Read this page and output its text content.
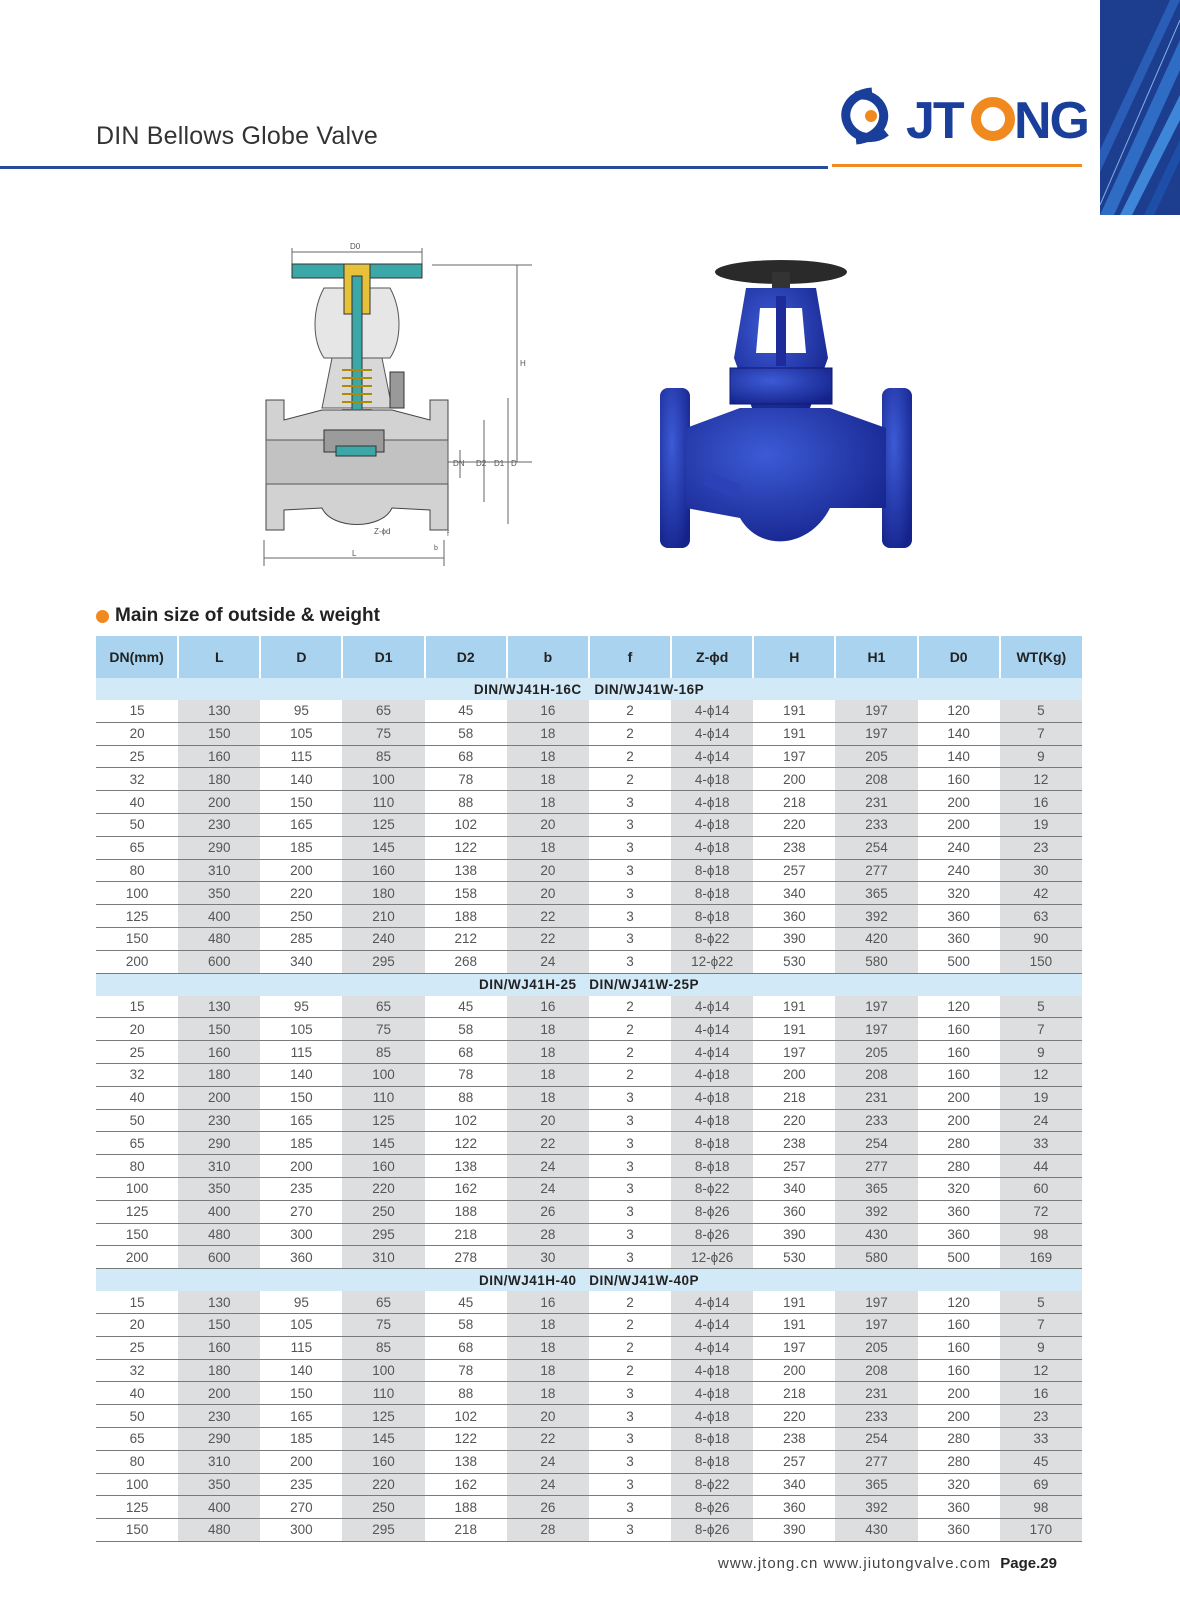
DIN Bellows Globe Valve	JT NG
D0
H
DN D2 D1 D
Z-ϕd
b
f
L
Main size of outside & weight
DN(mm)	L	D	D1	D2	b	f	Z-ϕd	H	H1	D0	WT(Kg)
DIN/WJ41H-16C   DIN/WJ41W-16P											
15	130	95	65	45	16	2	4-ϕ14	191	197	120	5
20	150	105	75	58	18	2	4-ϕ14	191	197	140	7
25	160	115	85	68	18	2	4-ϕ14	197	205	140	9
32	180	140	100	78	18	2	4-ϕ18	200	208	160	12
40	200	150	110	88	18	3	4-ϕ18	218	231	200	16
50	230	165	125	102	20	3	4-ϕ18	220	233	200	19
65	290	185	145	122	18	3	4-ϕ18	238	254	240	23
80	310	200	160	138	20	3	8-ϕ18	257	277	240	30
100	350	220	180	158	20	3	8-ϕ18	340	365	320	42
125	400	250	210	188	22	3	8-ϕ18	360	392	360	63
150	480	285	240	212	22	3	8-ϕ22	390	420	360	90
200	600	340	295	268	24	3	12-ϕ22	530	580	500	150
DIN/WJ41H-25   DIN/WJ41W-25P											
15	130	95	65	45	16	2	4-ϕ14	191	197	120	5
20	150	105	75	58	18	2	4-ϕ14	191	197	160	7
25	160	115	85	68	18	2	4-ϕ14	197	205	160	9
32	180	140	100	78	18	2	4-ϕ18	200	208	160	12
40	200	150	110	88	18	3	4-ϕ18	218	231	200	19
50	230	165	125	102	20	3	4-ϕ18	220	233	200	24
65	290	185	145	122	22	3	8-ϕ18	238	254	280	33
80	310	200	160	138	24	3	8-ϕ18	257	277	280	44
100	350	235	220	162	24	3	8-ϕ22	340	365	320	60
125	400	270	250	188	26	3	8-ϕ26	360	392	360	72
150	480	300	295	218	28	3	8-ϕ26	390	430	360	98
200	600	360	310	278	30	3	12-ϕ26	530	580	500	169
DIN/WJ41H-40   DIN/WJ41W-40P											
15	130	95	65	45	16	2	4-ϕ14	191	197	120	5
20	150	105	75	58	18	2	4-ϕ14	191	197	160	7
25	160	115	85	68	18	2	4-ϕ14	197	205	160	9
32	180	140	100	78	18	2	4-ϕ18	200	208	160	12
40	200	150	110	88	18	3	4-ϕ18	218	231	200	16
50	230	165	125	102	20	3	4-ϕ18	220	233	200	23
65	290	185	145	122	22	3	8-ϕ18	238	254	280	33
80	310	200	160	138	24	3	8-ϕ18	257	277	280	45
100	350	235	220	162	24	3	8-ϕ22	340	365	320	69
125	400	270	250	188	26	3	8-ϕ26	360	392	360	98
150	480	300	295	218	28	3	8-ϕ26	390	430	360	170
www.jtong.cn www.jiutongvalve.com Page.29
